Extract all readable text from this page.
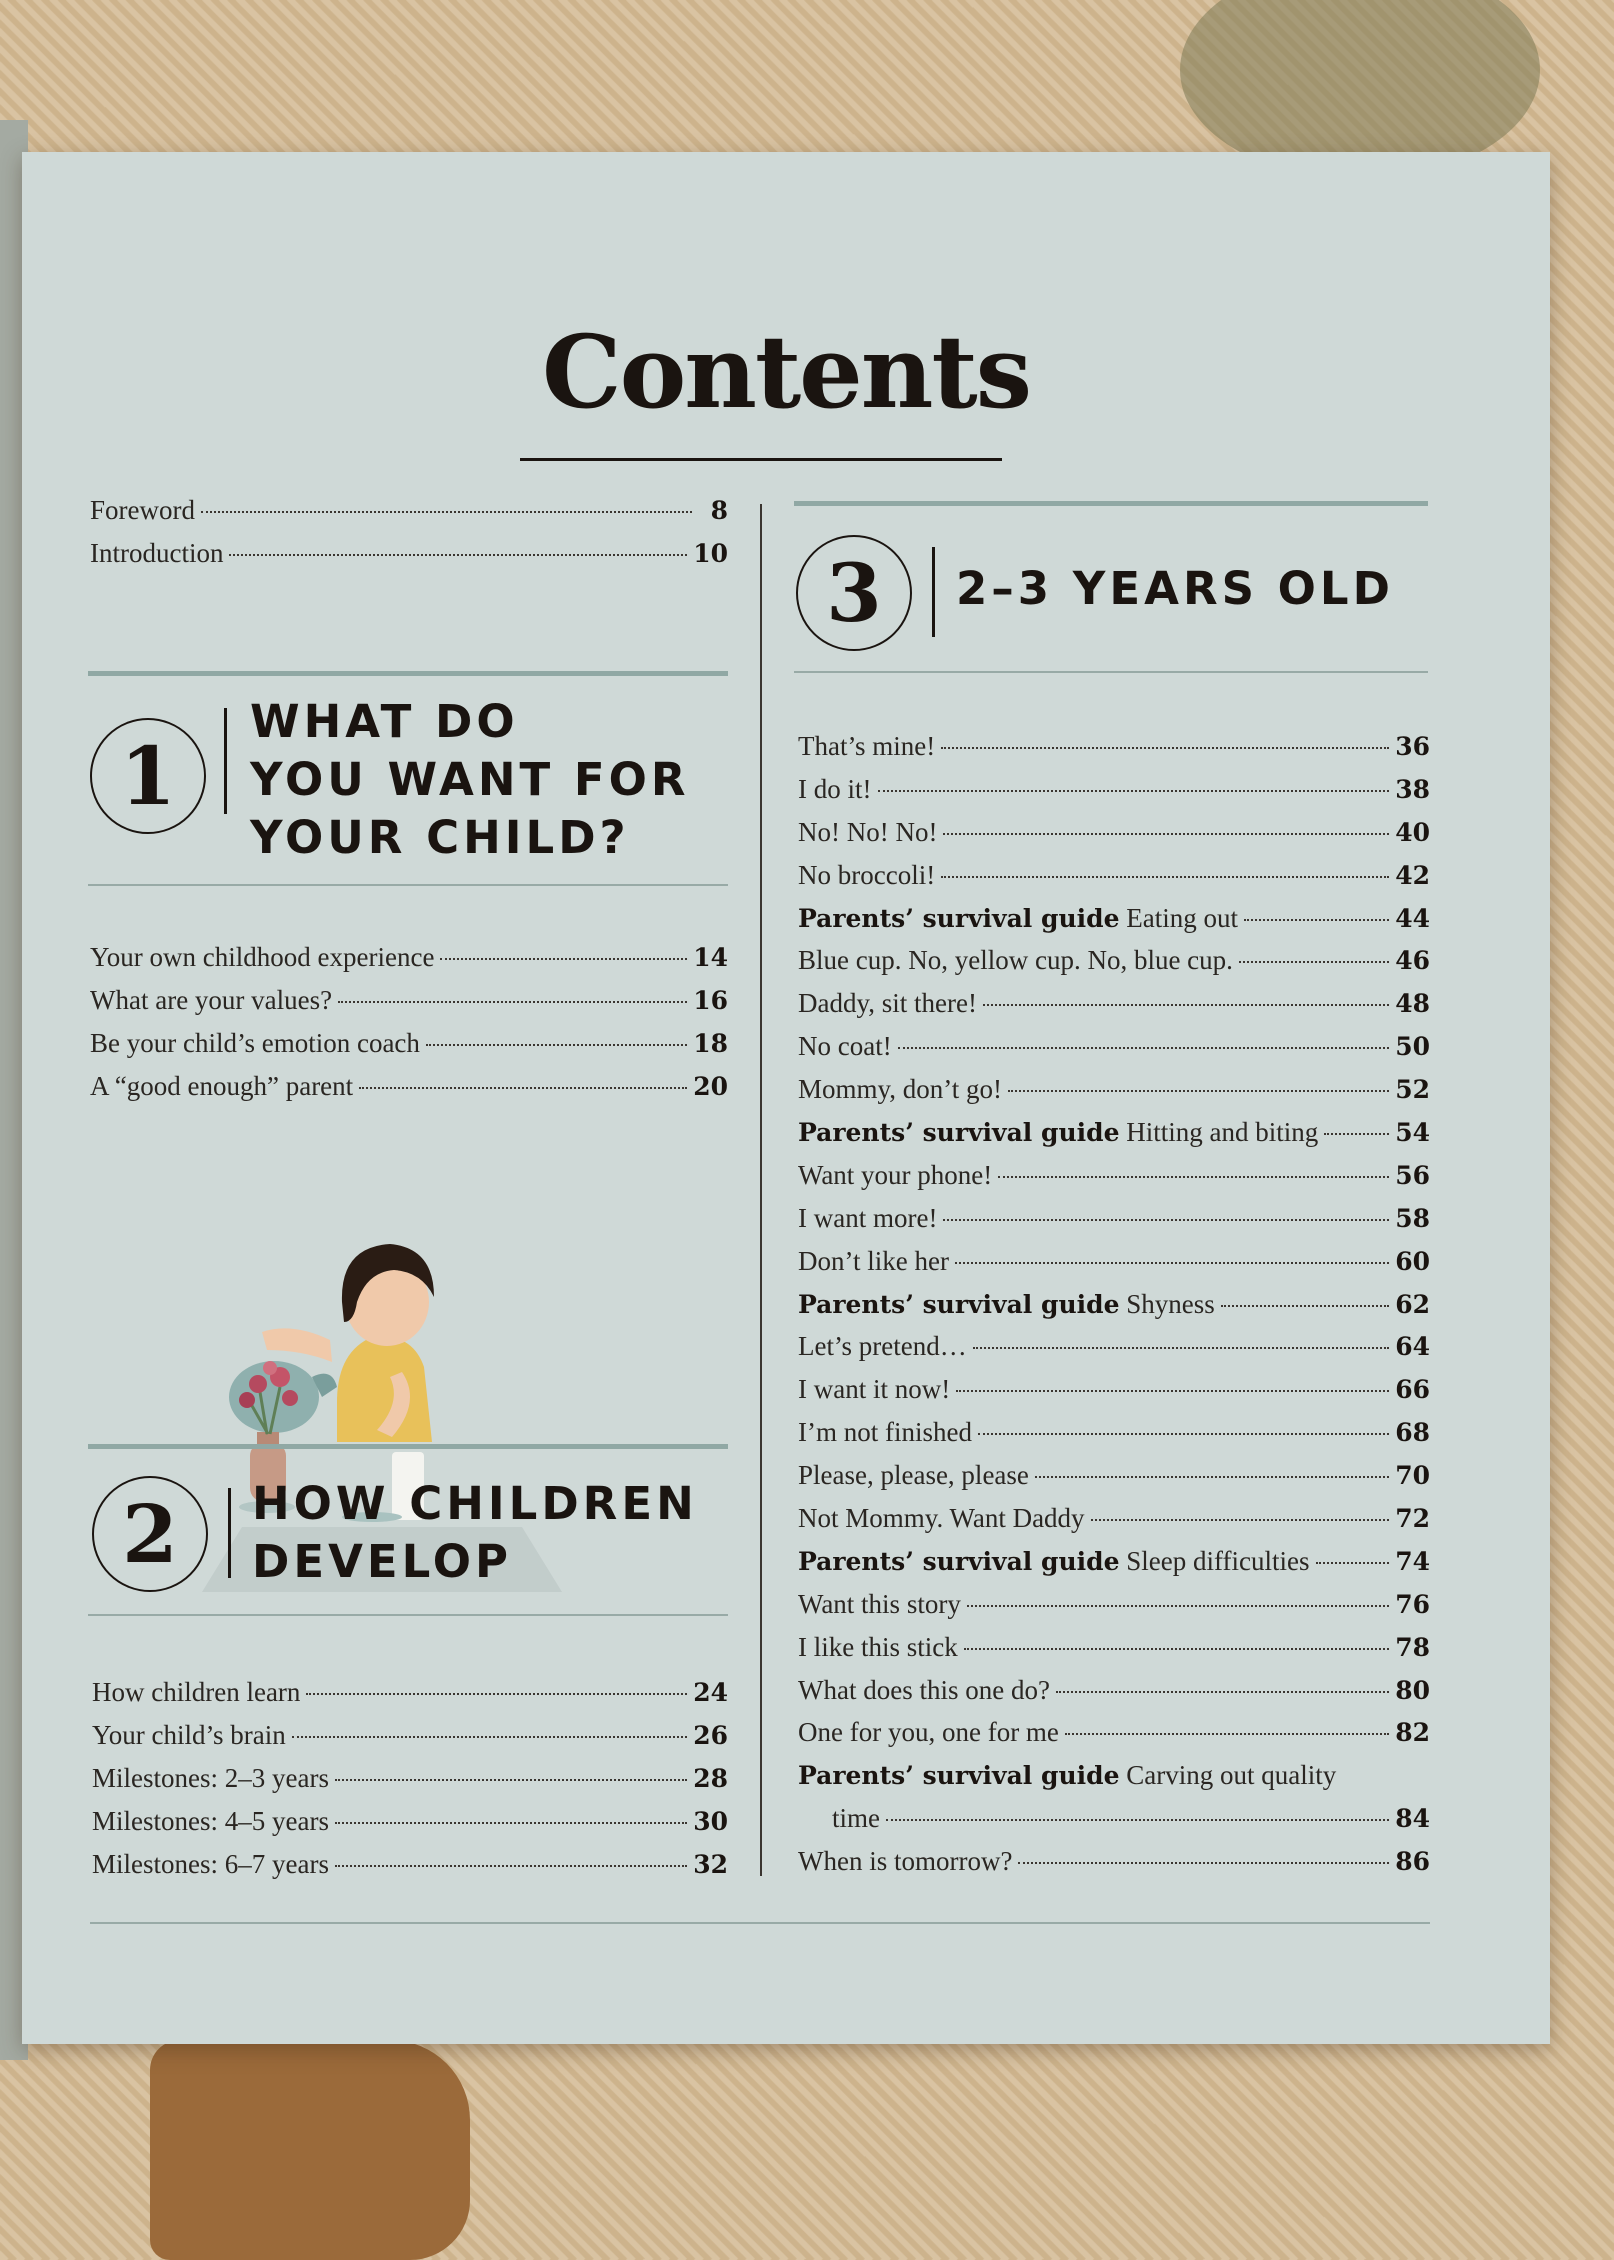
Contents
Foreword	8
Introduction	10
1
WHAT DO
YOU WANT FOR
YOUR CHILD?
Your own childhood experience	14
What are your values?	16
Be your child’s emotion coach	18
A “good enough” parent	20
2	HOW CHILDREN
DEVELOP
How children learn	24
Your child’s brain	26
Milestones: 2–3 years	28
Milestones: 4–5 years	30
Milestones: 6–7 years	32
3	2–3 YEARS OLD
That’s mine!	36
I do it!	38
No! No! No!	40
No broccoli!	42
Parents’ survival guide Eating out	44
Blue cup. No, yellow cup. No, blue cup.	46
Daddy, sit there!	48
No coat!	50
Mommy, don’t go!	52
Parents’ survival guide Hitting and biting	54
Want your phone!	56
I want more!	58
Don’t like her	60
Parents’ survival guide Shyness	62
Let’s pretend…	64
I want it now!	66
I’m not finished	68
Please, please, please	70
Not Mommy. Want Daddy	72
Parents’ survival guide Sleep difficulties	74
Want this story	76
I like this stick	78
What does this one do?	80
One for you, one for me	82
Parents’ survival guide Carving out quality
time	84
When is tomorrow?	86
